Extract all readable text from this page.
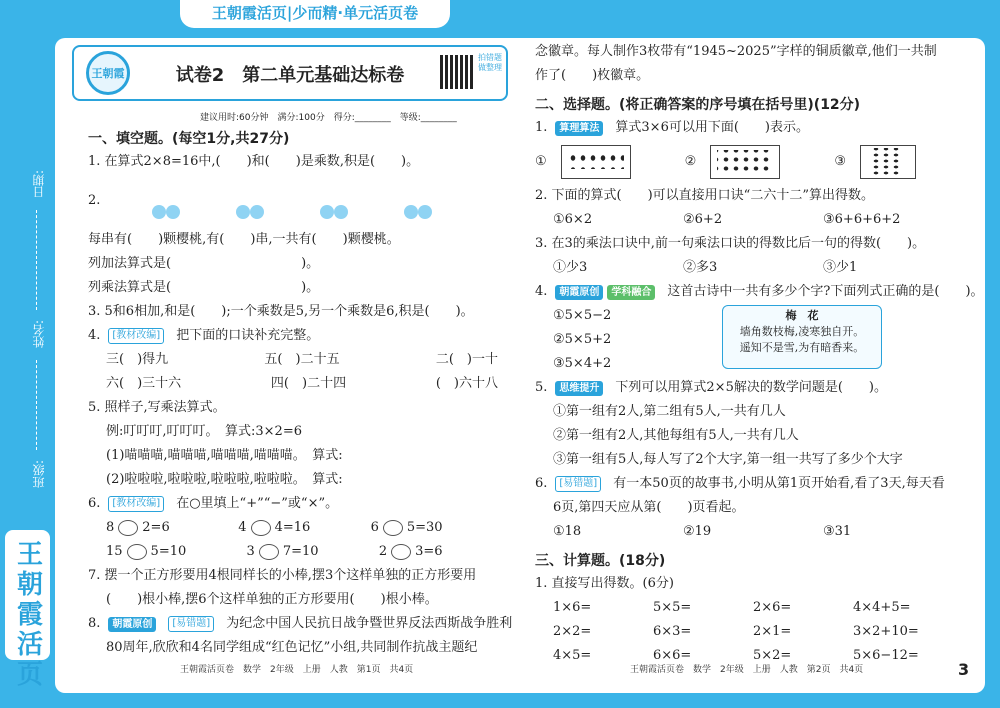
王朝霞活页|少而精·单元活页卷
日期:
姓名:
班级:
王朝霞活页
王朝霞	试卷2　第二单元基础达标卷
拍错题 做整理
建议用时:60分钟　满分:100分　得分:________　等级:________
一、填空题。(每空1分,共27分)
1. 在算式2×8=16中,(　　)和(　　)是乘数,积是(　　)。
2.
每串有(　　)颗樱桃,有(　　)串,一共有(　　)颗樱桃。
列加法算式是(　　　　　　　　　　)。
列乘法算式是(　　　　　　　　　　)。
3. 5和6相加,和是(　　);一个乘数是5,另一个乘数是6,积是(　　)。
4.	[教材改编]	把下面的口诀补充完整。
三(　)得九	五(　)二十五	二(　)一十
六(　)三十六	四(　)二十四	(　)六十八
5. 照样子,写乘法算式。
例:叮叮叮,叮叮叮。　算式:3×2=6
(1)喵喵喵,喵喵喵,喵喵喵,喵喵喵。　算式:
(2)啦啦啦,啦啦啦,啦啦啦,啦啦啦。　算式:
6.	[教材改编]	在○里填上“+”“−”或“×”。
8 2=6	4 4=16	6 5=30
15 5=10	3 7=10	2 3=6
7. 摆一个正方形要用4根同样长的小棒,摆3个这样单独的正方形要用
(　　)根小棒,摆6个这样单独的正方形要用(　　)根小棒。
8.	朝霞原创	[易错题]	为纪念中国人民抗日战争暨世界反法西斯战争胜利
80周年,欣欣和4名同学组成“红色记忆”小组,共同制作抗战主题纪
念徽章。每人制作3枚带有“1945~2025”字样的铜质徽章,他们一共制
作了(　　)枚徽章。
二、选择题。(将正确答案的序号填在括号里)(12分)
1.	算理算法	算式3×6可以用下面(　　)表示。
①	②	③
2. 下面的算式(　　)可以直接用口诀“二六十二”算出得数。
①6×2	②6+2	③6+6+6+2
3. 在3的乘法口诀中,前一句乘法口诀的得数比后一句的得数(　　)。
①少3	②多3	③少1
4.	朝霞原创	学科融合	这首古诗中一共有多少个字?下面列式正确的是(　　)。
①5×5−2
②5×5+2
③5×4+2
5.	思维提升	下列可以用算式2×5解决的数学问题是(　　)。
①第一组有2人,第二组有5人,一共有几人
②第一组有2人,其他每组有5人,一共有几人
③第一组有5人,每人写了2个大字,第一组一共写了多少个大字
6.	[易错题]	有一本50页的故事书,小明从第1页开始看,看了3天,每天看
6页,第四天应从第(　　)页看起。
①18	②19	③31
三、计算题。(18分)
1. 直接写出得数。(6分)
1×6=	5×5=	2×6=	4×4+5=
2×2=	6×3=	2×1=	3×2+10=
4×5=	6×6=	5×2=	5×6−12=
梅　花
墙角数枝梅,凌寒独自开。
遥知不是雪,为有暗香来。
王朝霞活页卷　数学　2年级　上册　人教　第1页　共4页	王朝霞活页卷　数学　2年级　上册　人教　第2页　共4页	3
